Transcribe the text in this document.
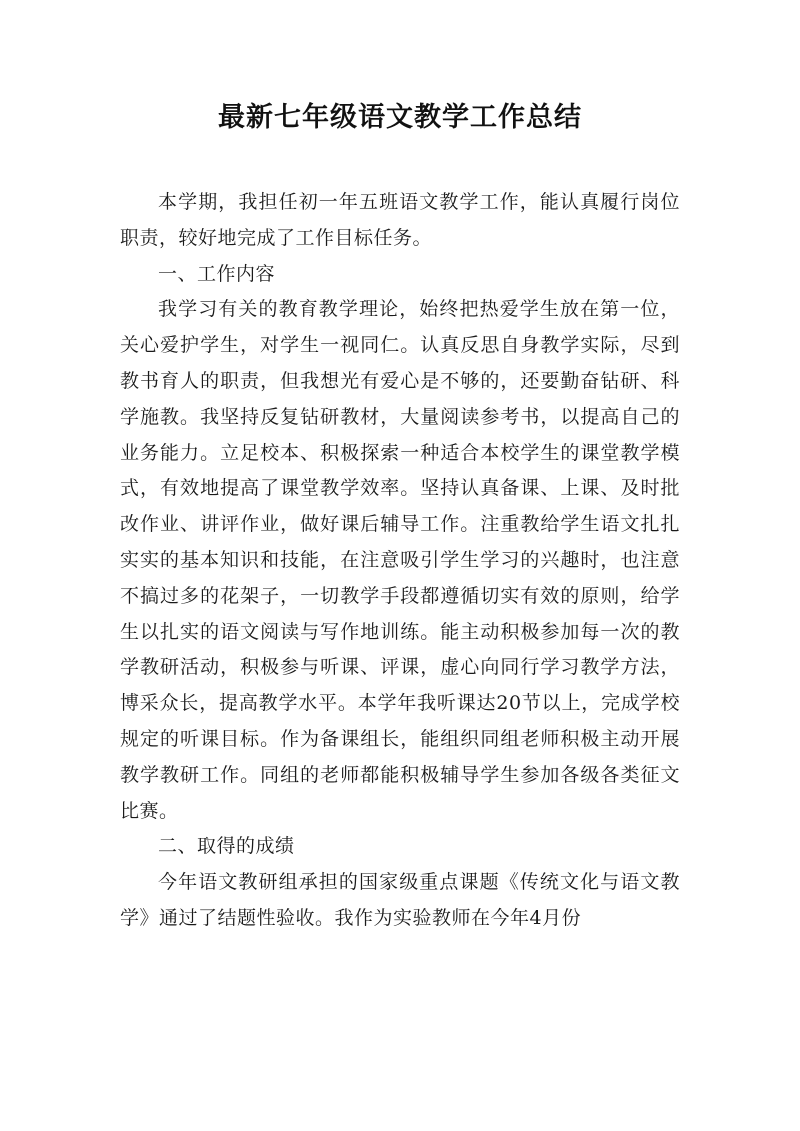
最新七年级语文教学工作总结

本学期，我担任初一年五班语文教学工作，能认真履行岗位职责，较好地完成了工作目标任务。

一、工作内容

我学习有关的教育教学理论，始终把热爱学生放在第一位，关心爱护学生，对学生一视同仁。认真反思自身教学实际，尽到教书育人的职责，但我想光有爱心是不够的，还要勤奋钻研、科学施教。我坚持反复钻研教材，大量阅读参考书，以提高自己的业务能力。立足校本、积极探索一种适合本校学生的课堂教学模式，有效地提高了课堂教学效率。坚持认真备课、上课、及时批改作业、讲评作业，做好课后辅导工作。注重教给学生语文扎扎实实的基本知识和技能，在注意吸引学生学习的兴趣时，也注意不搞过多的花架子，一切教学手段都遵循切实有效的原则，给学生以扎实的语文阅读与写作地训练。能主动积极参加每一次的教学教研活动，积极参与听课、评课，虚心向同行学习教学方法，博采众长，提高教学水平。本学年我听课达20节以上，完成学校规定的听课目标。作为备课组长，能组织同组老师积极主动开展教学教研工作。同组的老师都能积极辅导学生参加各级各类征文比赛。

二、取得的成绩

今年语文教研组承担的国家级重点课题《传统文化与语文教学》通过了结题性验收。我作为实验教师在今年4月份
